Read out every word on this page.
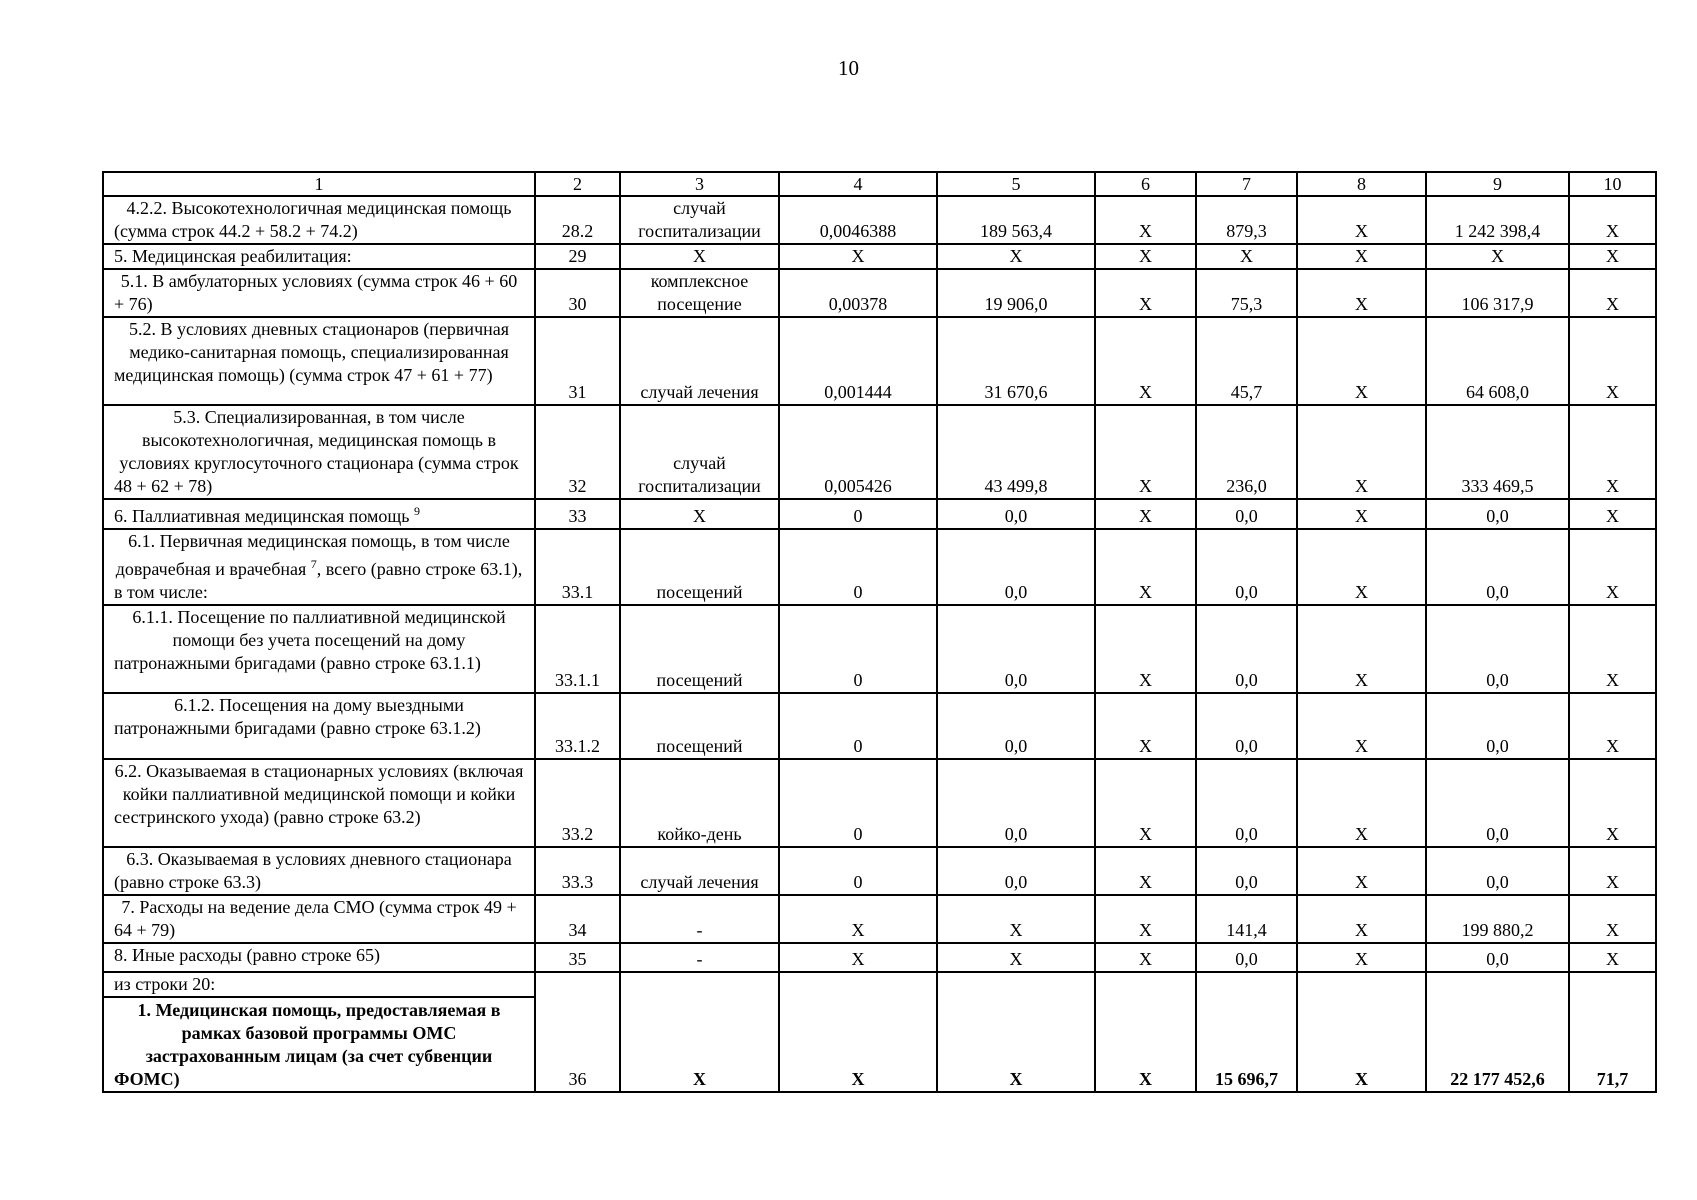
10
1	2	3	4	5	6	7	8	9	10
4.2.2. Высокотехнологичная медицинская помощь (сумма строк 44.2 + 58.2 + 74.2)	28.2	случай госпитализации	0,0046388	189 563,4	Х	879,3	Х	1 242 398,4	Х
5. Медицинская реабилитация:	29	Х	Х	Х	Х	Х	Х	Х	Х
5.1. В амбулаторных условиях (сумма строк 46 + 60 + 76)	30	комплексное посещение	0,00378	19 906,0	Х	75,3	Х	106 317,9	Х
5.2. В условиях дневных стационаров (первичная медико-санитарная помощь, специализированная медицинская помощь) (сумма строк 47 + 61 + 77)	31	случай лечения	0,001444	31 670,6	Х	45,7	Х	64 608,0	Х
5.3. Специализированная, в том числе высокотехнологичная, медицинская помощь в условиях круглосуточного стационара (сумма строк 48 + 62 + 78)	32	случай госпитализации	0,005426	43 499,8	Х	236,0	Х	333 469,5	Х
6. Паллиативная медицинская помощь $^9$	33	Х	0	0,0	Х	0,0	Х	0,0	Х
6.1. Первичная медицинская помощь, в том числе доврачебная и врачебная $^7$, всего (равно строке 63.1), в том числе:	33.1	посещений	0	0,0	Х	0,0	Х	0,0	Х
6.1.1. Посещение по паллиативной медицинской помощи без учета посещений на дому патронажными бригадами (равно строке 63.1.1)	33.1.1	посещений	0	0,0	Х	0,0	Х	0,0	Х
6.1.2. Посещения на дому выездными патронажными бригадами (равно строке 63.1.2)	33.1.2	посещений	0	0,0	Х	0,0	Х	0,0	Х
6.2. Оказываемая в стационарных условиях (включая койки паллиативной медицинской помощи и койки сестринского ухода) (равно строке 63.2)	33.2	койко-день	0	0,0	Х	0,0	Х	0,0	Х
6.3. Оказываемая в условиях дневного стационара (равно строке 63.3)	33.3	случай лечения	0	0,0	Х	0,0	Х	0,0	Х
7. Расходы на ведение дела СМО (сумма строк 49 + 64 + 79)	34	-	Х	Х	Х	141,4	Х	199 880,2	Х
8. Иные расходы (равно строке 65)	35	-	Х	Х	Х	0,0	Х	0,0	Х

из строки 20:
1. Медицинская помощь, предоставляемая в рамках базовой программы ОМС застрахованным лицам (за счет субвенции ФОМС)	36	Х	Х	Х	Х	15 696,7	Х	22 177 452,6	71,7
